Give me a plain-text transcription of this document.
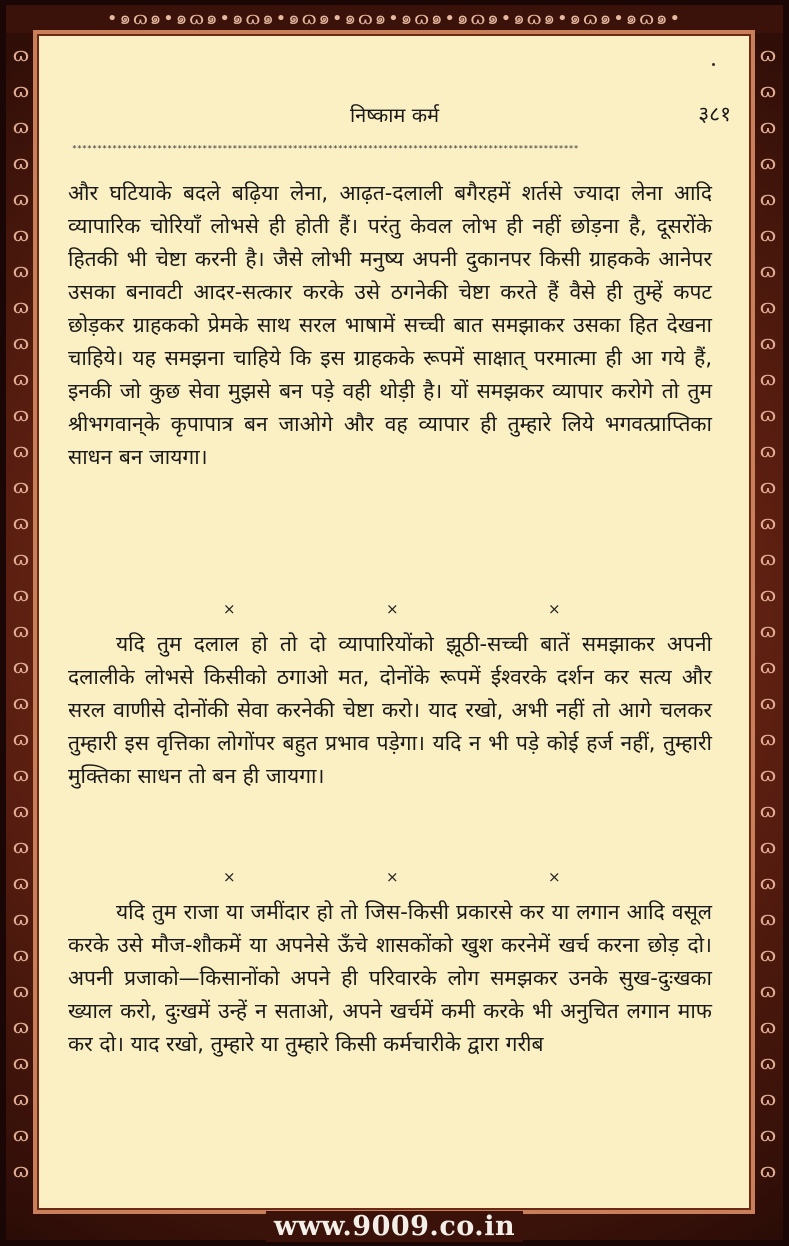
•๑ɷ๑•๑ɷ๑•๑ɷ๑•๑ɷ๑•๑ɷ๑•๑ɷ๑•๑ɷ๑•๑ɷ๑•๑ɷ๑•๑ɷ๑•
ɷ ɷ ɷ ɷ ɷ ɷ ɷ ɷ ɷ ɷ ɷ ɷ ɷ ɷ ɷ ɷ ɷ ɷ ɷ ɷ ɷ ɷ ɷ ɷ ɷ ɷ ɷ ɷ ɷ ɷ ɷ ɷ
ɷ ɷ ɷ ɷ ɷ ɷ ɷ ɷ ɷ ɷ ɷ ɷ ɷ ɷ ɷ ɷ ɷ ɷ ɷ ɷ ɷ ɷ ɷ ɷ ɷ ɷ ɷ ɷ ɷ ɷ ɷ ɷ
निष्काम कर्म	३८१
*****************************************************************************************************
और घटियाके बदले बढ़िया लेना, आढ़त-दलाली बगैरहमें शर्तसे ज्यादा लेना आदि व्यापारिक चोरियाँ लोभसे ही होती हैं। परंतु केवल लोभ ही नहीं छोड़ना है, दूसरोंके हितकी भी चेष्टा करनी है। जैसे लोभी मनुष्य अपनी दुकानपर किसी ग्राहकके आनेपर उसका बनावटी आदर-सत्कार करके उसे ठगनेकी चेष्टा करते हैं वैसे ही तुम्हें कपट छोड़कर ग्राहकको प्रेमके साथ सरल भाषामें सच्ची बात समझाकर उसका हित देखना चाहिये। यह समझना चाहिये कि इस ग्राहकके रूपमें साक्षात् परमात्मा ही आ गये हैं, इनकी जो कुछ सेवा मुझसे बन पड़े वही थोड़ी है। यों समझकर व्यापार करोगे तो तुम श्रीभगवान्‌के कृपापात्र बन जाओगे और वह व्यापार ही तुम्हारे लिये भगवत्प्राप्तिका साधन बन जायगा।
×	×	×
यदि तुम दलाल हो तो दो व्यापारियोंको झूठी-सच्ची बातें समझाकर अपनी दलालीके लोभसे किसीको ठगाओ मत, दोनोंके रूपमें ईश्वरके दर्शन कर सत्य और सरल वाणीसे दोनोंकी सेवा करनेकी चेष्टा करो। याद रखो, अभी नहीं तो आगे चलकर तुम्हारी इस वृत्तिका लोगोंपर बहुत प्रभाव पड़ेगा। यदि न भी पड़े कोई हर्ज नहीं, तुम्हारी मुक्तिका साधन तो बन ही जायगा।
×	×	×
यदि तुम राजा या जमींदार हो तो जिस-किसी प्रकारसे कर या लगान आदि वसूल करके उसे मौज-शौकमें या अपनेसे ऊँचे शासकोंको खुश करनेमें खर्च करना छोड़ दो। अपनी प्रजाको—किसानोंको अपने ही परिवारके लोग समझकर उनके सुख-दुःखका ख्याल करो, दुःखमें उन्हें न सताओ, अपने खर्चमें कमी करके भी अनुचित लगान माफ कर दो। याद रखो, तुम्हारे या तुम्हारे किसी कर्मचारीके द्वारा गरीब
www.9009.co.in
